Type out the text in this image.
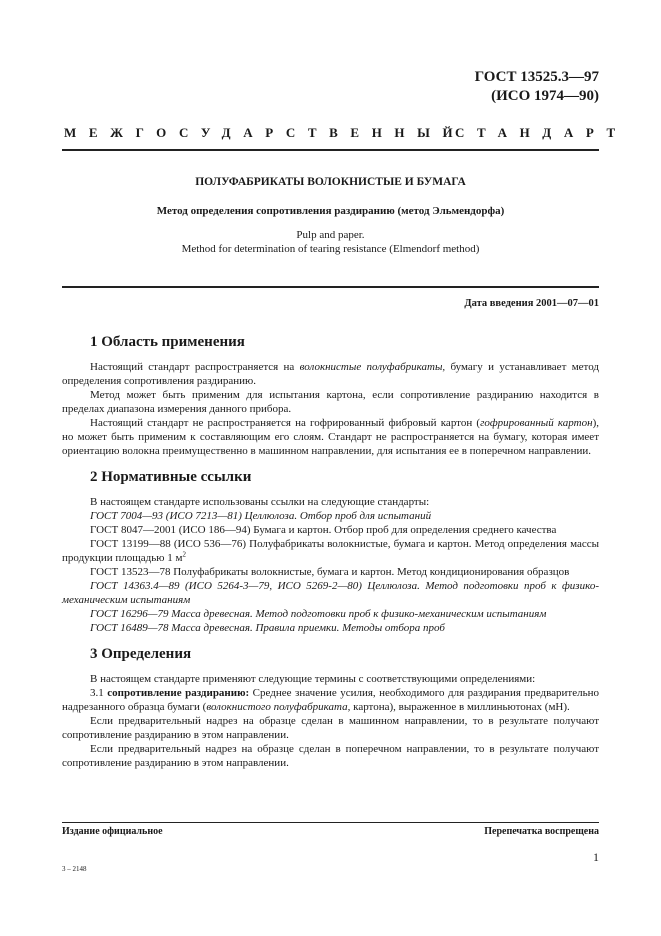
ГОСТ 13525.3—97
(ИСО 1974—90)
МЕЖГОСУДАРСТВЕННЫЙ
СТАНДАРТ
ПОЛУФАБРИКАТЫ ВОЛОКНИСТЫЕ И БУМАГА
Метод определения сопротивления раздиранию (метод Эльмендорфа)
Pulp and paper.
Method for determination of tearing resistance (Elmendorf method)
Дата введения 2001—07—01
1 Область применения

Настоящий стандарт распространяется на волокнистые полуфабрикаты, бумагу и устанавливает метод определения сопротивления раздиранию.

Метод может быть применим для испытания картона, если сопротивление раздиранию находится в пределах диапазона измерения данного прибора.

Настоящий стандарт не распространяется на гофрированный фибровый картон (гофрированный картон), но может быть применим к составляющим его слоям. Стандарт не распространяется на бумагу, которая имеет ориентацию волокна преимущественно в машинном направлении, для испытания ее в поперечном направлении.

2 Нормативные ссылки

В настоящем стандарте использованы ссылки на следующие стандарты:

ГОСТ 7004—93 (ИСО 7213—81) Целлюлоза. Отбор проб для испытаний

ГОСТ 8047—2001 (ИСО 186—94) Бумага и картон. Отбор проб для определения среднего качества

ГОСТ 13199—88 (ИСО 536—76) Полуфабрикаты волокнистые, бумага и картон. Метод определения массы продукции площадью 1 $м^2$

ГОСТ 13523—78 Полуфабрикаты волокнистые, бумага и картон. Метод кондиционирования образцов

ГОСТ 14363.4—89 (ИСО 5264-3—79, ИСО 5269-2—80) Целлюлоза. Метод подготовки проб к физико-механическим испытаниям

ГОСТ 16296—79 Масса древесная. Метод подготовки проб к физико-механическим испытаниям

ГОСТ 16489—78 Масса древесная. Правила приемки. Методы отбора проб

3 Определения

В настоящем стандарте применяют следующие термины с соответствующими определениями:

3.1 сопротивление раздиранию: Среднее значение усилия, необходимого для раздирания предварительно надрезанного образца бумаги (волокнистого полуфабриката, картона), выраженное в миллиньютонах (мН).

Если предварительный надрез на образце сделан в машинном направлении, то в результате получают сопротивление раздиранию в этом направлении.

Если предварительный надрез на образце сделан в поперечном направлении, то в результате получают сопротивление раздиранию в этом направлении.

Издание официальное	Перепечатка воспрещена
3 – 2148
1
